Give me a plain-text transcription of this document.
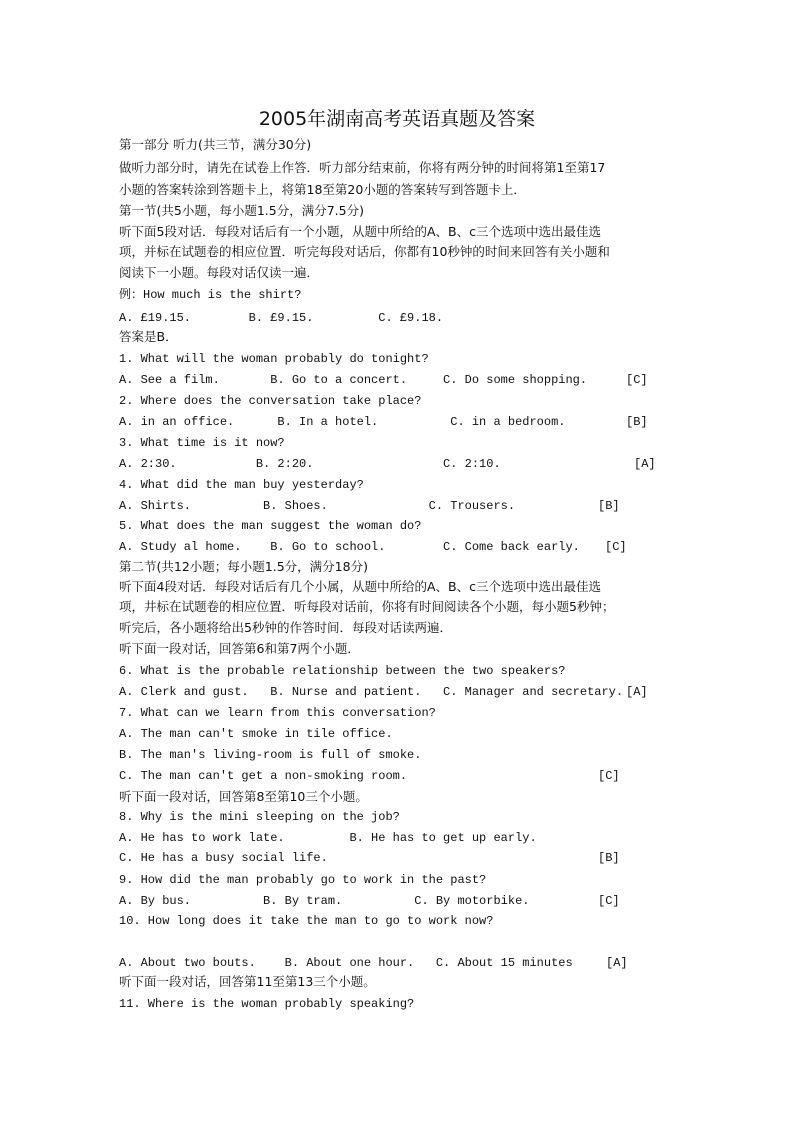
2005年湖南高考英语真题及答案
第一部分 听力(共三节，满分30分)
做听力部分时，请先在试卷上作答．听力部分结束前，你将有两分钟的时间将第1至第17
小题的答案转涂到答题卡上，将第18至第20小题的答案转写到答题卡上．
第一节(共5小题，每小题1.5分，满分7.5分)
听下面5段对话．每段对话后有一个小题，从题中所给的A、B、c三个选项中选出最佳选
项，并标在试题卷的相应位置．听完每段对话后，你都有10秒钟的时间来回答有关小题和
阅读下一小题。每段对话仅读一遍．
例：How much is the shirt?
A. £19.15.        B. £9.15.         C. £9.18.
答案是B．
1. What will the woman probably do tonight?
A. See a film.       B. Go to a concert.     C. Do some shopping.	[C]
2. Where does the conversation take place?
A. in an office.      B. In a hotel.          C. in a bedroom.	[B]
3. What time is it now?
A. 2:30.           B. 2:20.                  C. 2:10.	[A]
4. What did the man buy yesterday?
A. Shirts.          B. Shoes.              C. Trousers.	[B]
5. What does the man suggest the woman do?
A. Study al home.    B. Go to school.        C. Come back early. [C]
第二节(共12小题；每小题1.5分，满分18分)
听下面4段对话．每段对话后有几个小属，从题中所给的A、B、c三个选项中选出最佳选
项，井标在试题卷的相应位置．听每段对话前，你将有时间阅读各个小题，每小题5秒钟；
听完后，各小题将给出5秒钟的作答时间．每段对话读两遍．
听下面一段对话，回答第6和第7两个小题．
6. What is the probable relationship between the two speakers?
A. Clerk and gust.   B. Nurse and patient.   C. Manager and secretary. [A]
7. What can we learn from this conversation?
A. The man can't smoke in tile office.
B. The man's living-room is full of smoke.
C. The man can't get a non-smoking room.	[C]
听下面一段对话，回答第8至第10三个小题。
8. Why is the mini sleeping on the job?
A. He has to work late.         B. He has to get up early.
C. He has a busy social life.	[B]
9. How did the man probably go to work in the past?
A. By bus.          B. By tram.          C. By motorbike.	[C]
10. How long does it take the man to go to work now?
A. About two bouts.    B. About one hour.   C. About 15 minutes	[A]
听下面一段对话，回答第11至第13三个小题。
11. Where is the woman probably speaking?
